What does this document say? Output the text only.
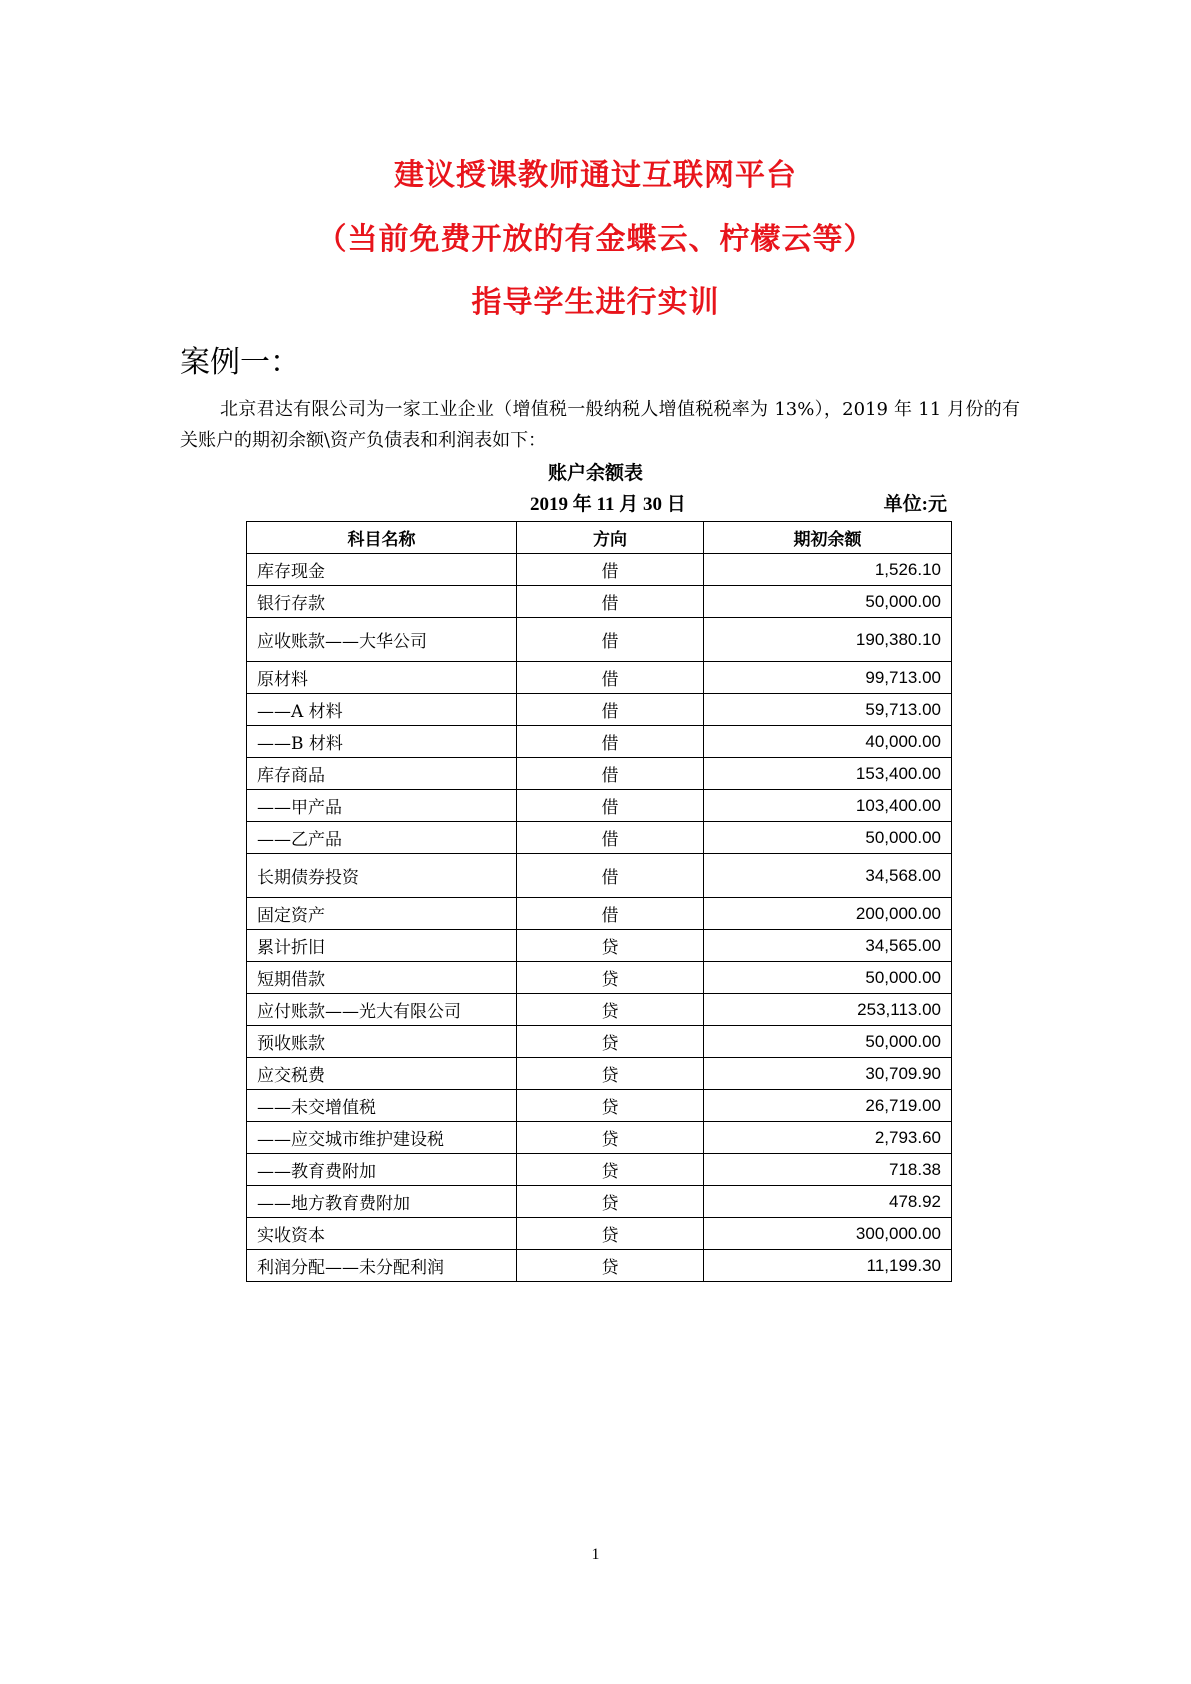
建议授课教师通过互联网平台
（当前免费开放的有金蝶云、柠檬云等）
指导学生进行实训
案例一：

北京君达有限公司为一家工业企业（增值税一般纳税人增值税税率为 13%），2019 年 11 月份的有关账户的期初余额\资产负债表和利润表如下：

账户余额表
2019 年 11 月 30 日	单位:元
科目名称	方向	期初余额
库存现金	借	1,526.10
银行存款	借	50,000.00
应收账款——大华公司	借	190,380.10
原材料	借	99,713.00
——A 材料	借	59,713.00
——B 材料	借	40,000.00
库存商品	借	153,400.00
——甲产品	借	103,400.00
——乙产品	借	50,000.00
长期债券投资	借	34,568.00
固定资产	借	200,000.00
累计折旧	贷	34,565.00
短期借款	贷	50,000.00
应付账款——光大有限公司	贷	253,113.00
预收账款	贷	50,000.00
应交税费	贷	30,709.90
——未交增值税	贷	26,719.00
——应交城市维护建设税	贷	2,793.60
——教育费附加	贷	718.38
——地方教育费附加	贷	478.92
实收资本	贷	300,000.00
利润分配——未分配利润	贷	11,199.30
1
